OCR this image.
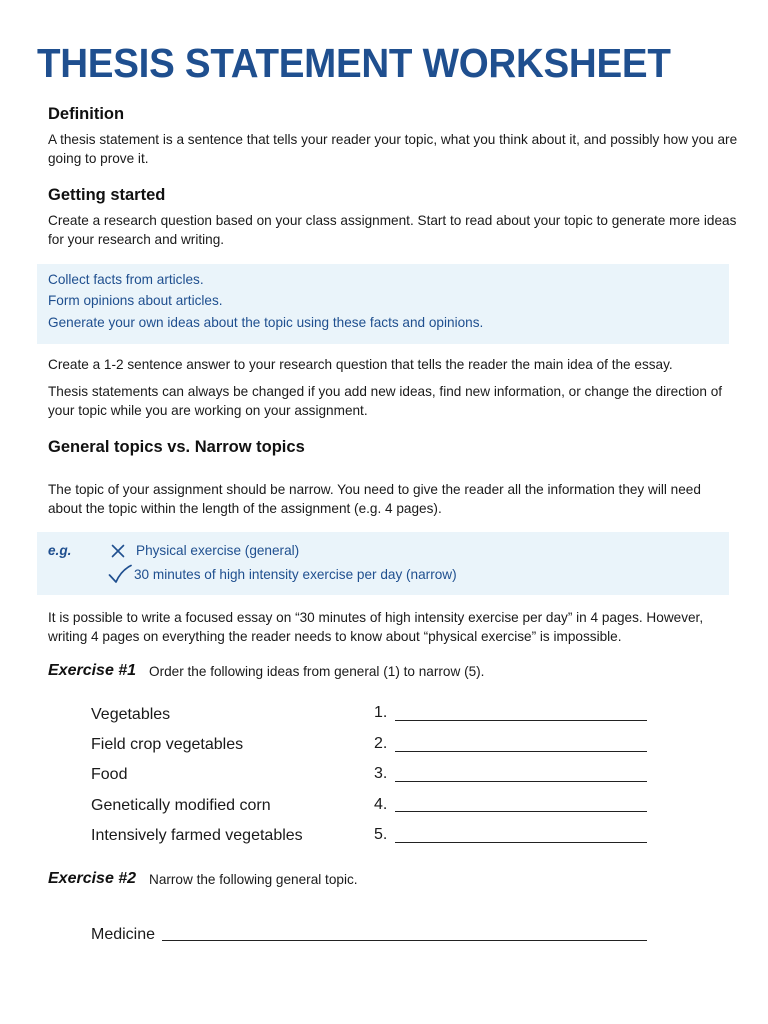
THESIS STATEMENT WORKSHEET
Definition
A thesis statement is a sentence that tells your reader your topic, what you think about it, and possibly how you are going to prove it.
Getting started
Create a research question based on your class assignment. Start to read about your topic to generate more ideas for your research and writing.
Collect facts from articles.
Form opinions about articles.
Generate your own ideas about the topic using these facts and opinions.
Create a 1-2 sentence answer to your research question that tells the reader the main idea of the essay.
Thesis statements can always be changed if you add new ideas, find new information, or change the direction of your topic while you are working on your assignment.
General topics vs. Narrow topics
The topic of your assignment should be narrow. You need to give the reader all the information they will need about the topic within the length of the assignment (e.g. 4 pages).
e.g.	Physical exercise (general)
30 minutes of high intensity exercise per day (narrow)
It is possible to write a focused essay on “30 minutes of high intensity exercise per day” in 4 pages. However, writing 4 pages on everything the reader needs to know about “physical exercise” is impossible.
Exercise #1 Order the following ideas from general (1) to narrow (5).
Vegetables
Field crop vegetables
Food
Genetically modified corn
Intensively farmed vegetables
1.
2.
3.
4.
5.
Exercise #2 Narrow the following general topic.
Medicine
